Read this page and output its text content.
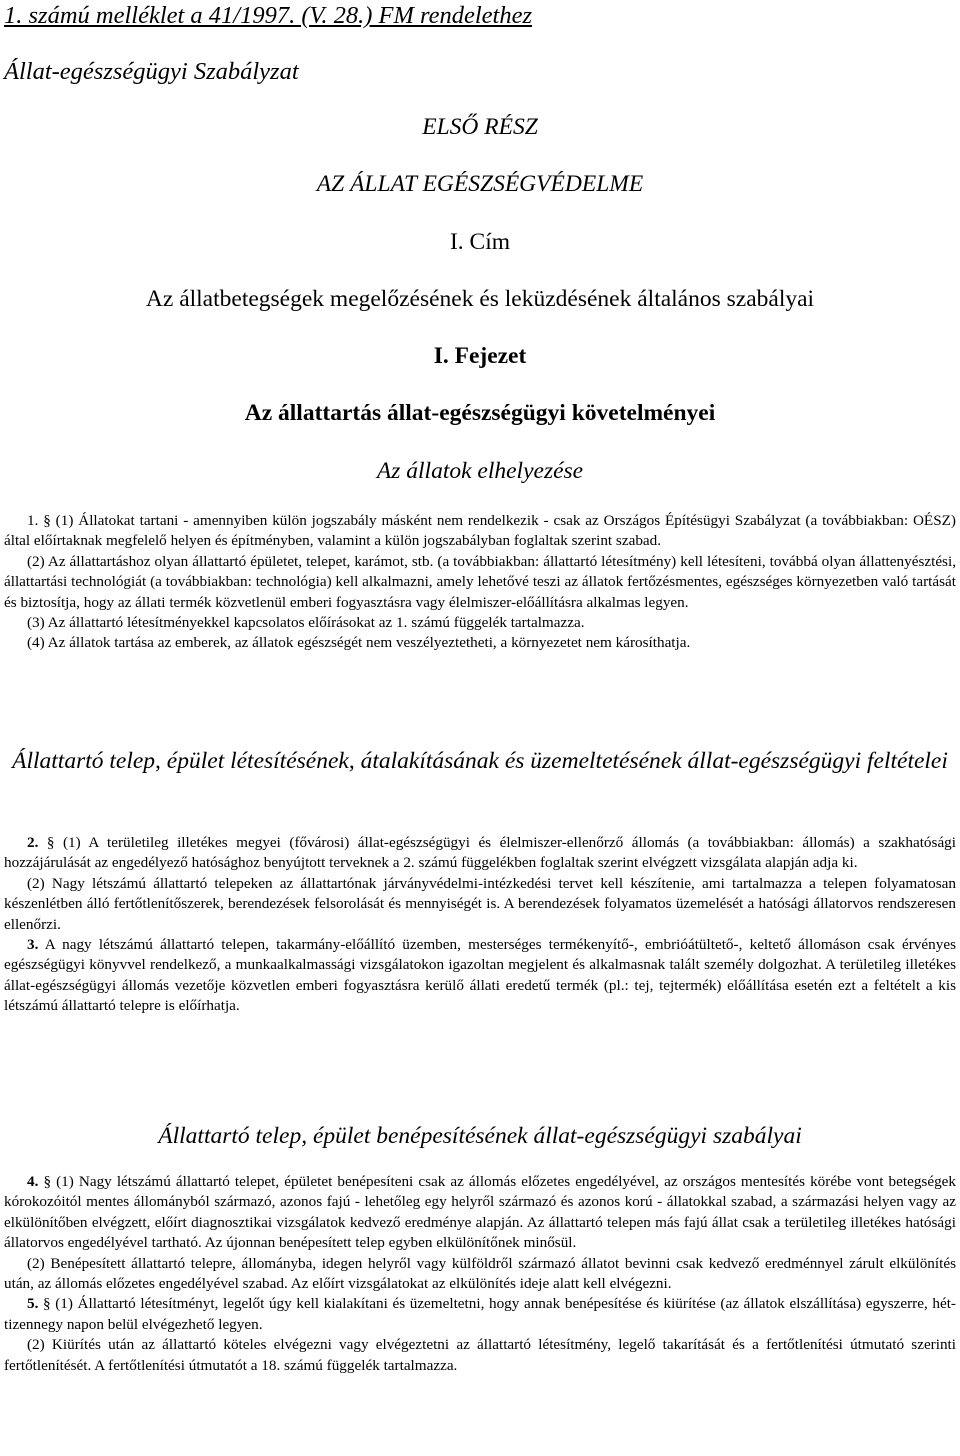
1. számú melléklet a 41/1997. (V. 28.) FM rendelethez
Állat-egészségügyi Szabályzat
ELSŐ RÉSZ
AZ ÁLLAT EGÉSZSÉGVÉDELME
I. Cím
Az állatbetegségek megelőzésének és leküzdésének általános szabályai
I. Fejezet
Az állattartás állat-egészségügyi követelményei
Az állatok elhelyezése

1. § (1) Állatokat tartani - amennyiben külön jogszabály másként nem rendelkezik - csak az Országos Építésügyi Szabályzat (a továbbiakban: OÉSZ) által előírtaknak megfelelő helyen és építményben, valamint a külön jogszabályban foglaltak szerint szabad.

(2) Az állattartáshoz olyan állattartó épületet, telepet, karámot, stb. (a továbbiakban: állattartó létesítmény) kell létesíteni, továbbá olyan állattenyésztési, állattartási technológiát (a továbbiakban: technológia) kell alkalmazni, amely lehetővé teszi az állatok fertőzésmentes, egészséges környezetben való tartását és biztosítja, hogy az állati termék közvetlenül emberi fogyasztásra vagy élelmiszer-előállításra alkalmas legyen.

(3) Az állattartó létesítményekkel kapcsolatos előírásokat az 1. számú függelék tartalmazza.

(4) Az állatok tartása az emberek, az állatok egészségét nem veszélyeztetheti, a környezetet nem károsíthatja.

Állattartó telep, épület létesítésének, átalakításának és üzemeltetésének állat-egészségügyi feltételei

2. § (1) A területileg illetékes megyei (fővárosi) állat-egészségügyi és élelmiszer-ellenőrző állomás (a továbbiakban: állomás) a szakhatósági hozzájárulását az engedélyező hatósághoz benyújtott terveknek a 2. számú függelékben foglaltak szerint elvégzett vizsgálata alapján adja ki.

(2) Nagy létszámú állattartó telepeken az állattartónak járványvédelmi-intézkedési tervet kell készítenie, ami tartalmazza a telepen folyamatosan készenlétben álló fertőtlenítőszerek, berendezések felsorolását és mennyiségét is. A berendezések folyamatos üzemelését a hatósági állatorvos rendszeresen ellenőrzi.

3. A nagy létszámú állattartó telepen, takarmány-előállító üzemben, mesterséges termékenyítő-, embrióátültető-, keltető állomáson csak érvényes egészségügyi könyvvel rendelkező, a munkaalkalmassági vizsgálatokon igazoltan megjelent és alkalmasnak talált személy dolgozhat. A területileg illetékes állat-egészségügyi állomás vezetője közvetlen emberi fogyasztásra kerülő állati eredetű termék (pl.: tej, tejtermék) előállítása esetén ezt a feltételt a kis létszámú állattartó telepre is előírhatja.

Állattartó telep, épület benépesítésének állat-egészségügyi szabályai

4. § (1) Nagy létszámú állattartó telepet, épületet benépesíteni csak az állomás előzetes engedélyével, az országos mentesítés körébe vont betegségek kórokozóitól mentes állományból származó, azonos fajú - lehetőleg egy helyről származó és azonos korú - állatokkal szabad, a származási helyen vagy az elkülönítőben elvégzett, előírt diagnosztikai vizsgálatok kedvező eredménye alapján. Az állattartó telepen más fajú állat csak a területileg illetékes hatósági állatorvos engedélyével tartható. Az újonnan benépesített telep egyben elkülönítőnek minősül.

(2) Benépesített állattartó telepre, állományba, idegen helyről vagy külföldről származó állatot bevinni csak kedvező eredménnyel zárult elkülönítés után, az állomás előzetes engedélyével szabad. Az előírt vizsgálatokat az elkülönítés ideje alatt kell elvégezni.

5. § (1) Állattartó létesítményt, legelőt úgy kell kialakítani és üzemeltetni, hogy annak benépesítése és kiürítése (az állatok elszállítása) egyszerre, hét-tizennegy napon belül elvégezhető legyen.

(2) Kiürítés után az állattartó köteles elvégezni vagy elvégeztetni az állattartó létesítmény, legelő takarítását és a fertőtlenítési útmutató szerinti fertőtlenítését. A fertőtlenítési útmutatót a 18. számú függelék tartalmazza.
